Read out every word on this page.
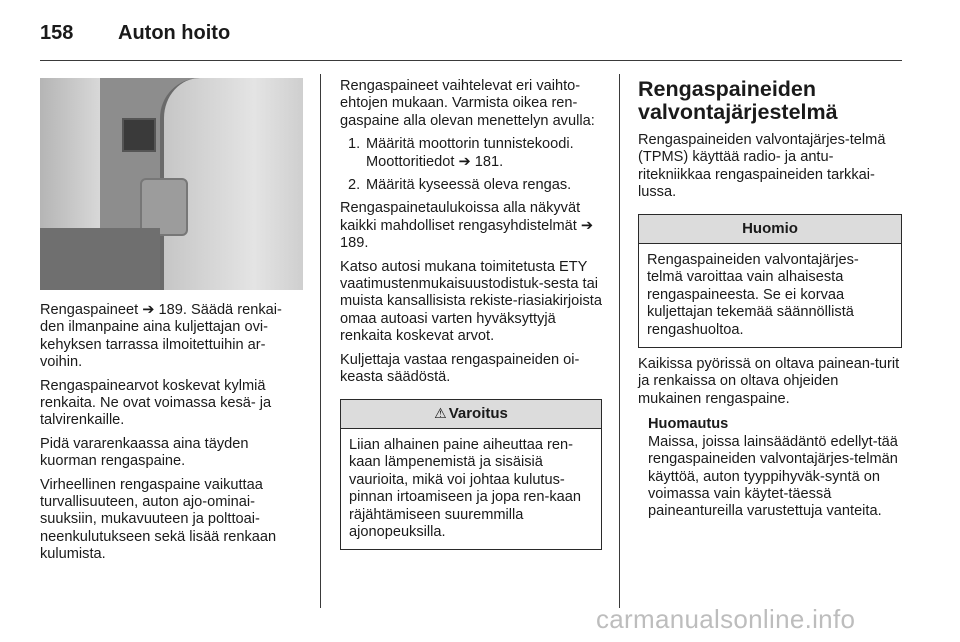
158	Auton hoito

Rengaspaineet ➔ 189. Säädä renkai-den ilmanpaine aina kuljettajan ovi-kehyksen tarrassa ilmoitettuihin ar-voihin.

Rengaspainearvot koskevat kylmiä renkaita. Ne ovat voimassa kesä- ja talvirenkaille.

Pidä vararenkaassa aina täyden kuorman rengaspaine.

Virheellinen rengaspaine vaikuttaa turvallisuuteen, auton ajo-ominai-suuksiin, mukavuuteen ja polttoai-neenkulutukseen sekä lisää renkaan kulumista.

Rengaspaineet vaihtelevat eri vaihto-ehtojen mukaan. Varmista oikea ren-gaspaine alla olevan menettelyn avulla:

1. Määritä moottorin tunnistekoodi. Moottoritiedot ➔ 181.
2. Määritä kyseessä oleva rengas.

Rengaspainetaulukoissa alla näkyvät kaikki mahdolliset rengasyhdistelmät ➔ 189.

Katso autosi mukana toimitetusta ETY vaatimustenmukaisuustodistuk-sesta tai muista kansallisista rekiste-riasiakirjoista omaa autoasi varten hyväksyttyjä renkaita koskevat arvot.

Kuljettaja vastaa rengaspaineiden oi-keasta säädöstä.

⚠ Varoitus
Liian alhainen paine aiheuttaa ren-kaan lämpenemistä ja sisäisiä vaurioita, mikä voi johtaa kulutus-pinnan irtoamiseen ja jopa ren-kaan räjähtämiseen suuremmilla ajonopeuksilla.
Rengaspaineiden valvontajärjestelmä

Rengaspaineiden valvontajärjes-telmä (TPMS) käyttää radio- ja antu-ritekniikkaa rengaspaineiden tarkkai-lussa.

Huomio
Rengaspaineiden valvontajärjes-telmä varoittaa vain alhaisesta rengaspaineesta. Se ei korvaa kuljettajan tekemää säännöllistä rengashuoltoa.

Kaikissa pyörissä on oltava painean-turit ja renkaissa on oltava ohjeiden mukainen rengaspaine.

Huomautus
Maissa, joissa lainsäädäntö edellyt-tää rengaspaineiden valvontajärjes-telmän käyttöä, auton tyyppihyväk-syntä on voimassa vain käytet-täessä paineantureilla varustettuja vanteita.
carmanualsonline.info
